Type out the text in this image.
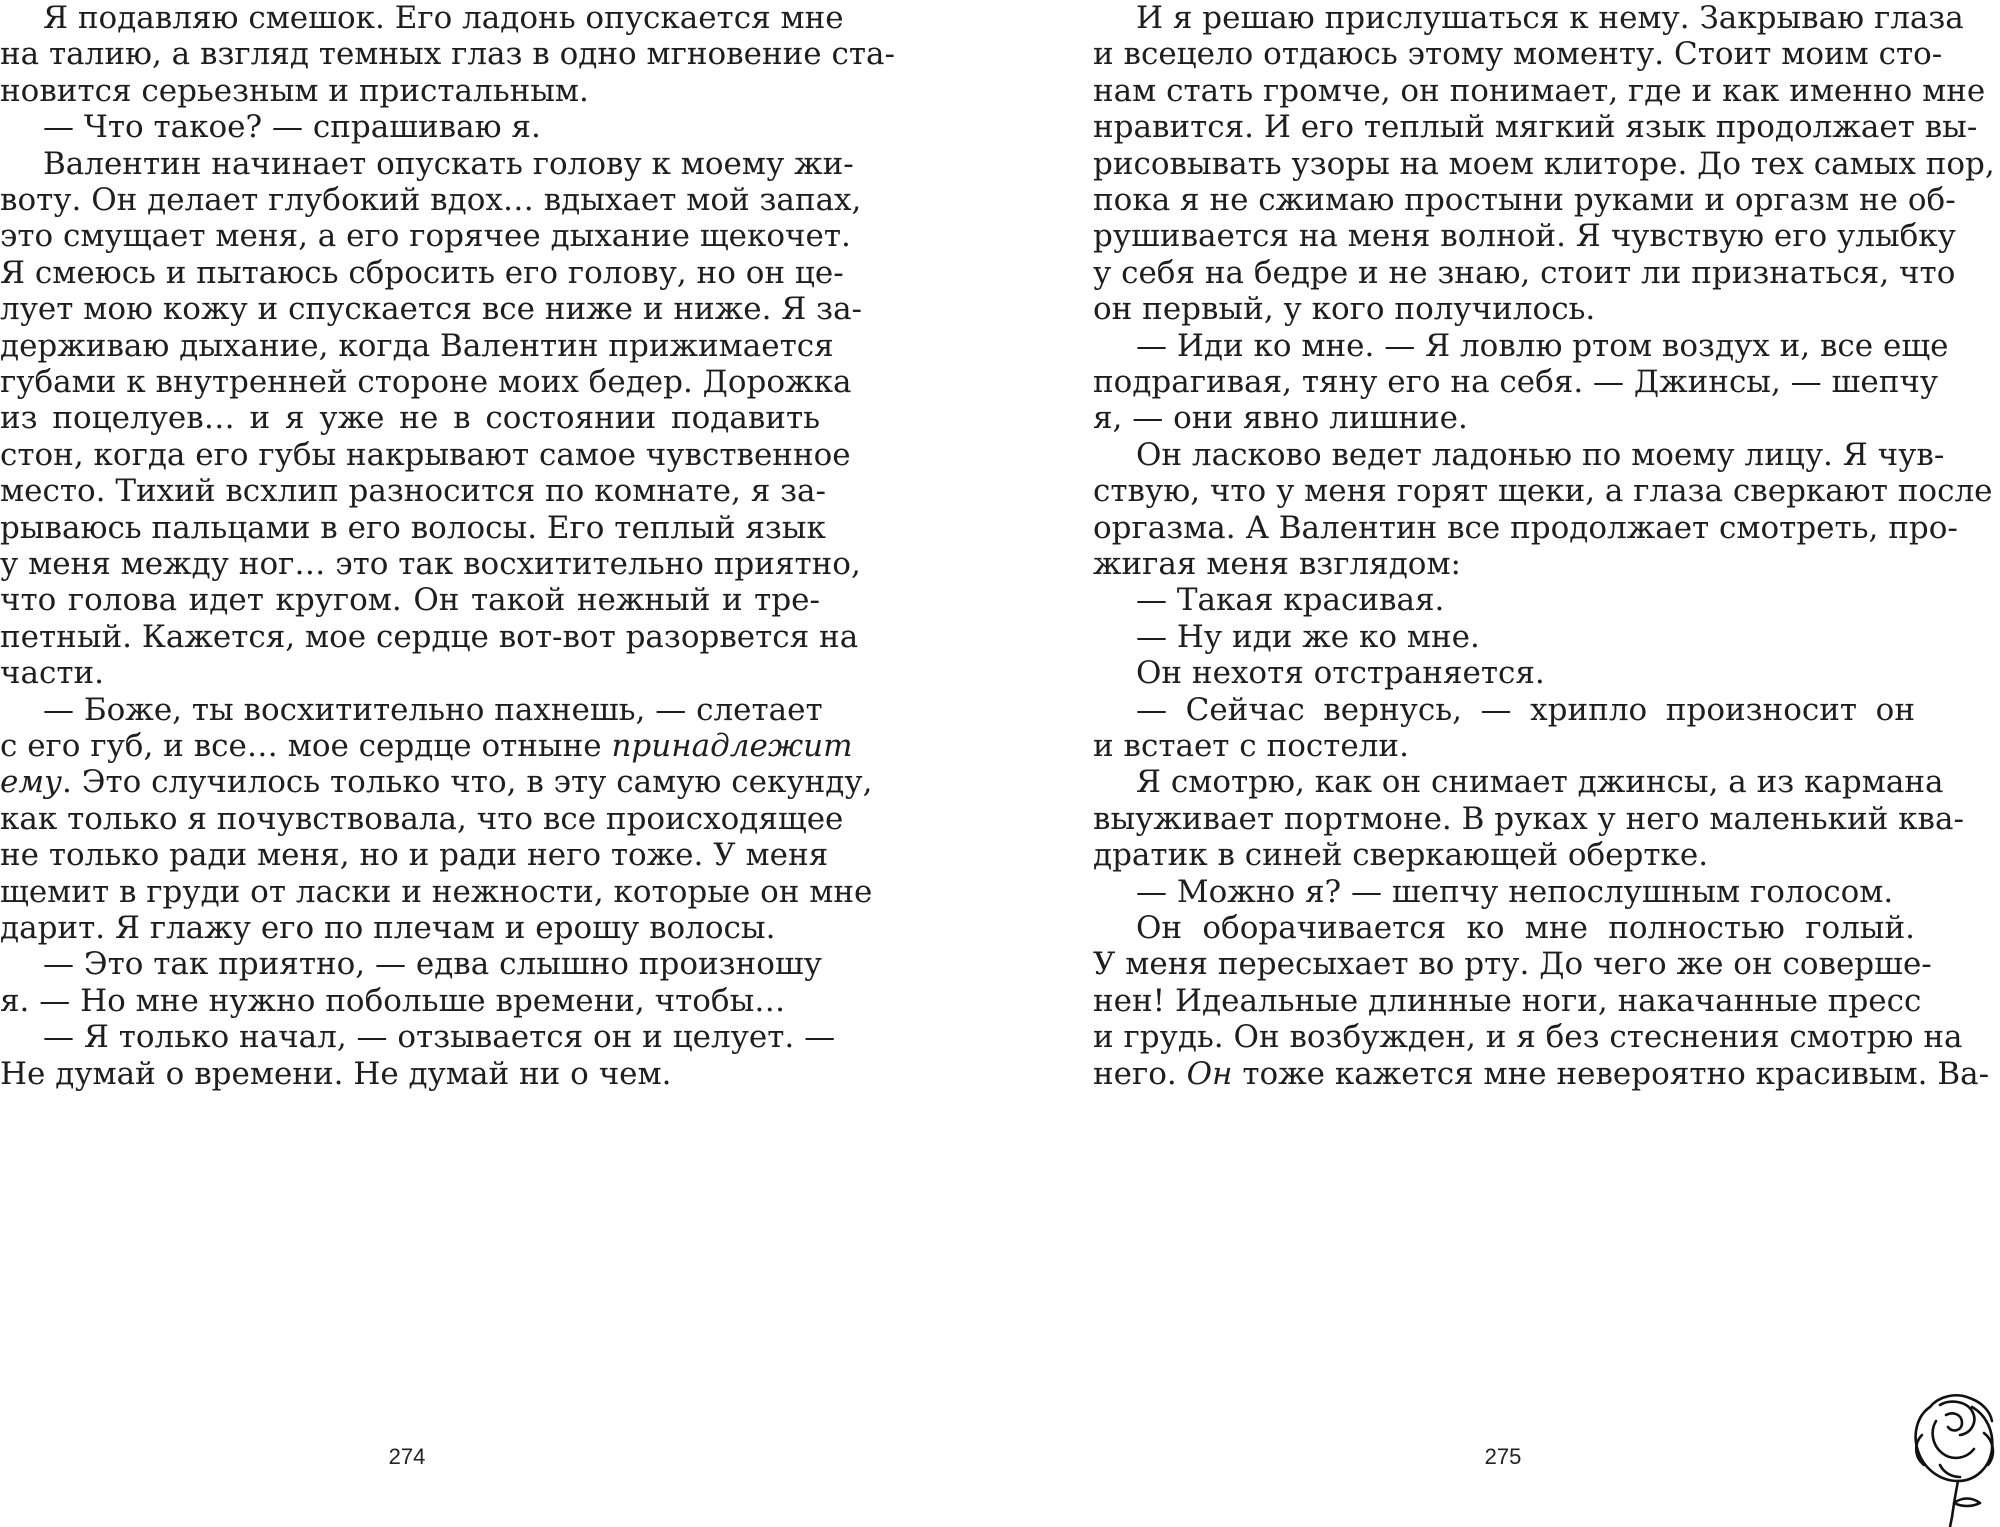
Я подавляю смешок. Его ладонь опускается мне
на талию, а взгляд темных глаз в одно мгновение ста-
новится серьезным и пристальным.
— Что такое? — спрашиваю я.
Валентин начинает опускать голову к моему жи-
воту. Он делает глубокий вдох… вдыхает мой запах,
это смущает меня, а его горячее дыхание щекочет.
Я смеюсь и пытаюсь сбросить его голову, но он це-
лует мою кожу и спускается все ниже и ниже. Я за-
держиваю дыхание, когда Валентин прижимается
губами к внутренней стороне моих бедер. Дорожка
из поцелуев… и я уже не в состоянии подавить
стон, когда его губы накрывают самое чувственное
место. Тихий всхлип разносится по комнате, я за-
рываюсь пальцами в его волосы. Его теплый язык
у меня между ног… это так восхитительно приятно,
что голова идет кругом. Он такой нежный и тре-
петный. Кажется, мое сердце вот-вот разорвется на
части.
— Боже, ты восхитительно пахнешь, — слетает
с его губ, и все… мое сердце отныне принадлежит
ему. Это случилось только что, в эту самую секунду,
как только я почувствовала, что все происходящее
не только ради меня, но и ради него тоже. У меня
щемит в груди от ласки и нежности, которые он мне
дарит. Я глажу его по плечам и ерошу волосы.
— Это так приятно, — едва слышно произношу
я. — Но мне нужно побольше времени, чтобы…
— Я только начал, — отзывается он и целует. —
Не думай о времени. Не думай ни о чем.
И я решаю прислушаться к нему. Закрываю глаза
и всецело отдаюсь этому моменту. Стоит моим сто-
нам стать громче, он понимает, где и как именно мне
нравится. И его теплый мягкий язык продолжает вы-
рисовывать узоры на моем клиторе. До тех самых пор,
пока я не сжимаю простыни руками и оргазм не об-
рушивается на меня волной. Я чувствую его улыбку
у себя на бедре и не знаю, стоит ли признаться, что
он первый, у кого получилось.
— Иди ко мне. — Я ловлю ртом воздух и, все еще
подрагивая, тяну его на себя. — Джинсы, — шепчу
я, — они явно лишние.
Он ласково ведет ладонью по моему лицу. Я чув-
ствую, что у меня горят щеки, а глаза сверкают после
оргазма. А Валентин все продолжает смотреть, про-
жигая меня взглядом:
— Такая красивая.
— Ну иди же ко мне.
Он нехотя отстраняется.
— Сейчас вернусь, — хрипло произносит он
и встает с постели.
Я смотрю, как он снимает джинсы, а из кармана
выуживает портмоне. В руках у него маленький ква-
дратик в синей сверкающей обертке.
— Можно я? — шепчу непослушным голосом.
Он оборачивается ко мне полностью голый.
У меня пересыхает во рту. До чего же он соверше-
нен! Идеальные длинные ноги, накачанные пресс
и грудь. Он возбужден, и я без стеснения смотрю на
него. Он тоже кажется мне невероятно красивым. Ва-
274	275
